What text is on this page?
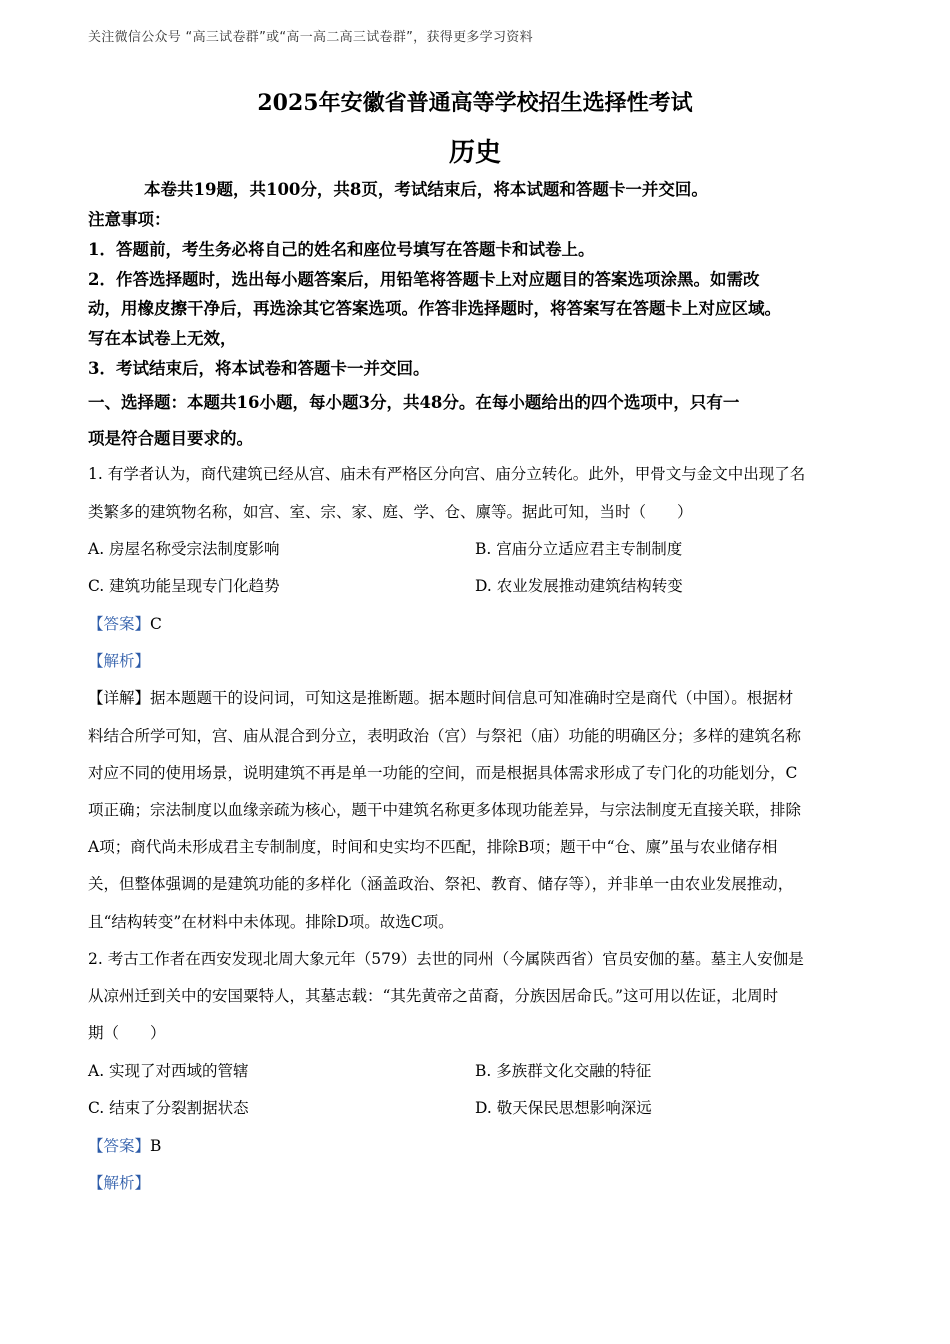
关注微信公众号 “高三试卷群”或“高一高二高三试卷群”，获得更多学习资料
2025年安徽省普通高等学校招生选择性考试
历史
本卷共19题，共100分，共8页，考试结束后，将本试题和答题卡一并交回。
注意事项：
1．答题前，考生务必将自己的姓名和座位号填写在答题卡和试卷上。
2．作答选择题时，选出每小题答案后，用铅笔将答题卡上对应题目的答案选项涂黑。如需改
动，用橡皮擦干净后，再选涂其它答案选项。作答非选择题时，将答案写在答题卡上对应区域。
写在本试卷上无效，
3．考试结束后，将本试卷和答题卡一并交回。
一、选择题：本题共16小题，每小题3分，共48分。在每小题给出的四个选项中，只有一
项是符合题目要求的。
1. 有学者认为，商代建筑已经从宫、庙未有严格区分向宫、庙分立转化。此外，甲骨文与金文中出现了名
类繁多的建筑物名称，如宫、室、宗、家、庭、学、仓、廪等。据此可知，当时（　　）
A. 房屋名称受宗法制度影响	B. 宫庙分立适应君主专制制度
C. 建筑功能呈现专门化趋势	D. 农业发展推动建筑结构转变
【答案】C
【解析】
【详解】据本题题干的设问词，可知这是推断题。据本题时间信息可知准确时空是商代（中国）。根据材
料结合所学可知，宫、庙从混合到分立，表明政治（宫）与祭祀（庙）功能的明确区分；多样的建筑名称
对应不同的使用场景，说明建筑不再是单一功能的空间，而是根据具体需求形成了专门化的功能划分，C
项正确；宗法制度以血缘亲疏为核心，题干中建筑名称更多体现功能差异，与宗法制度无直接关联，排除
A项；商代尚未形成君主专制制度，时间和史实均不匹配，排除B项；题干中“仓、廪”虽与农业储存相
关，但整体强调的是建筑功能的多样化（涵盖政治、祭祀、教育、储存等），并非单一由农业发展推动，
且“结构转变”在材料中未体现。排除D项。故选C项。
2. 考古工作者在西安发现北周大象元年（579）去世的同州（今属陕西省）官员安伽的墓。墓主人安伽是
从凉州迁到关中的安国粟特人，其墓志载：“其先黄帝之苗裔，分族因居命氏。”这可用以佐证，北周时
期（　　）
A. 实现了对西域的管辖	B. 多族群文化交融的特征
C. 结束了分裂割据状态	D. 敬天保民思想影响深远
【答案】B
【解析】
